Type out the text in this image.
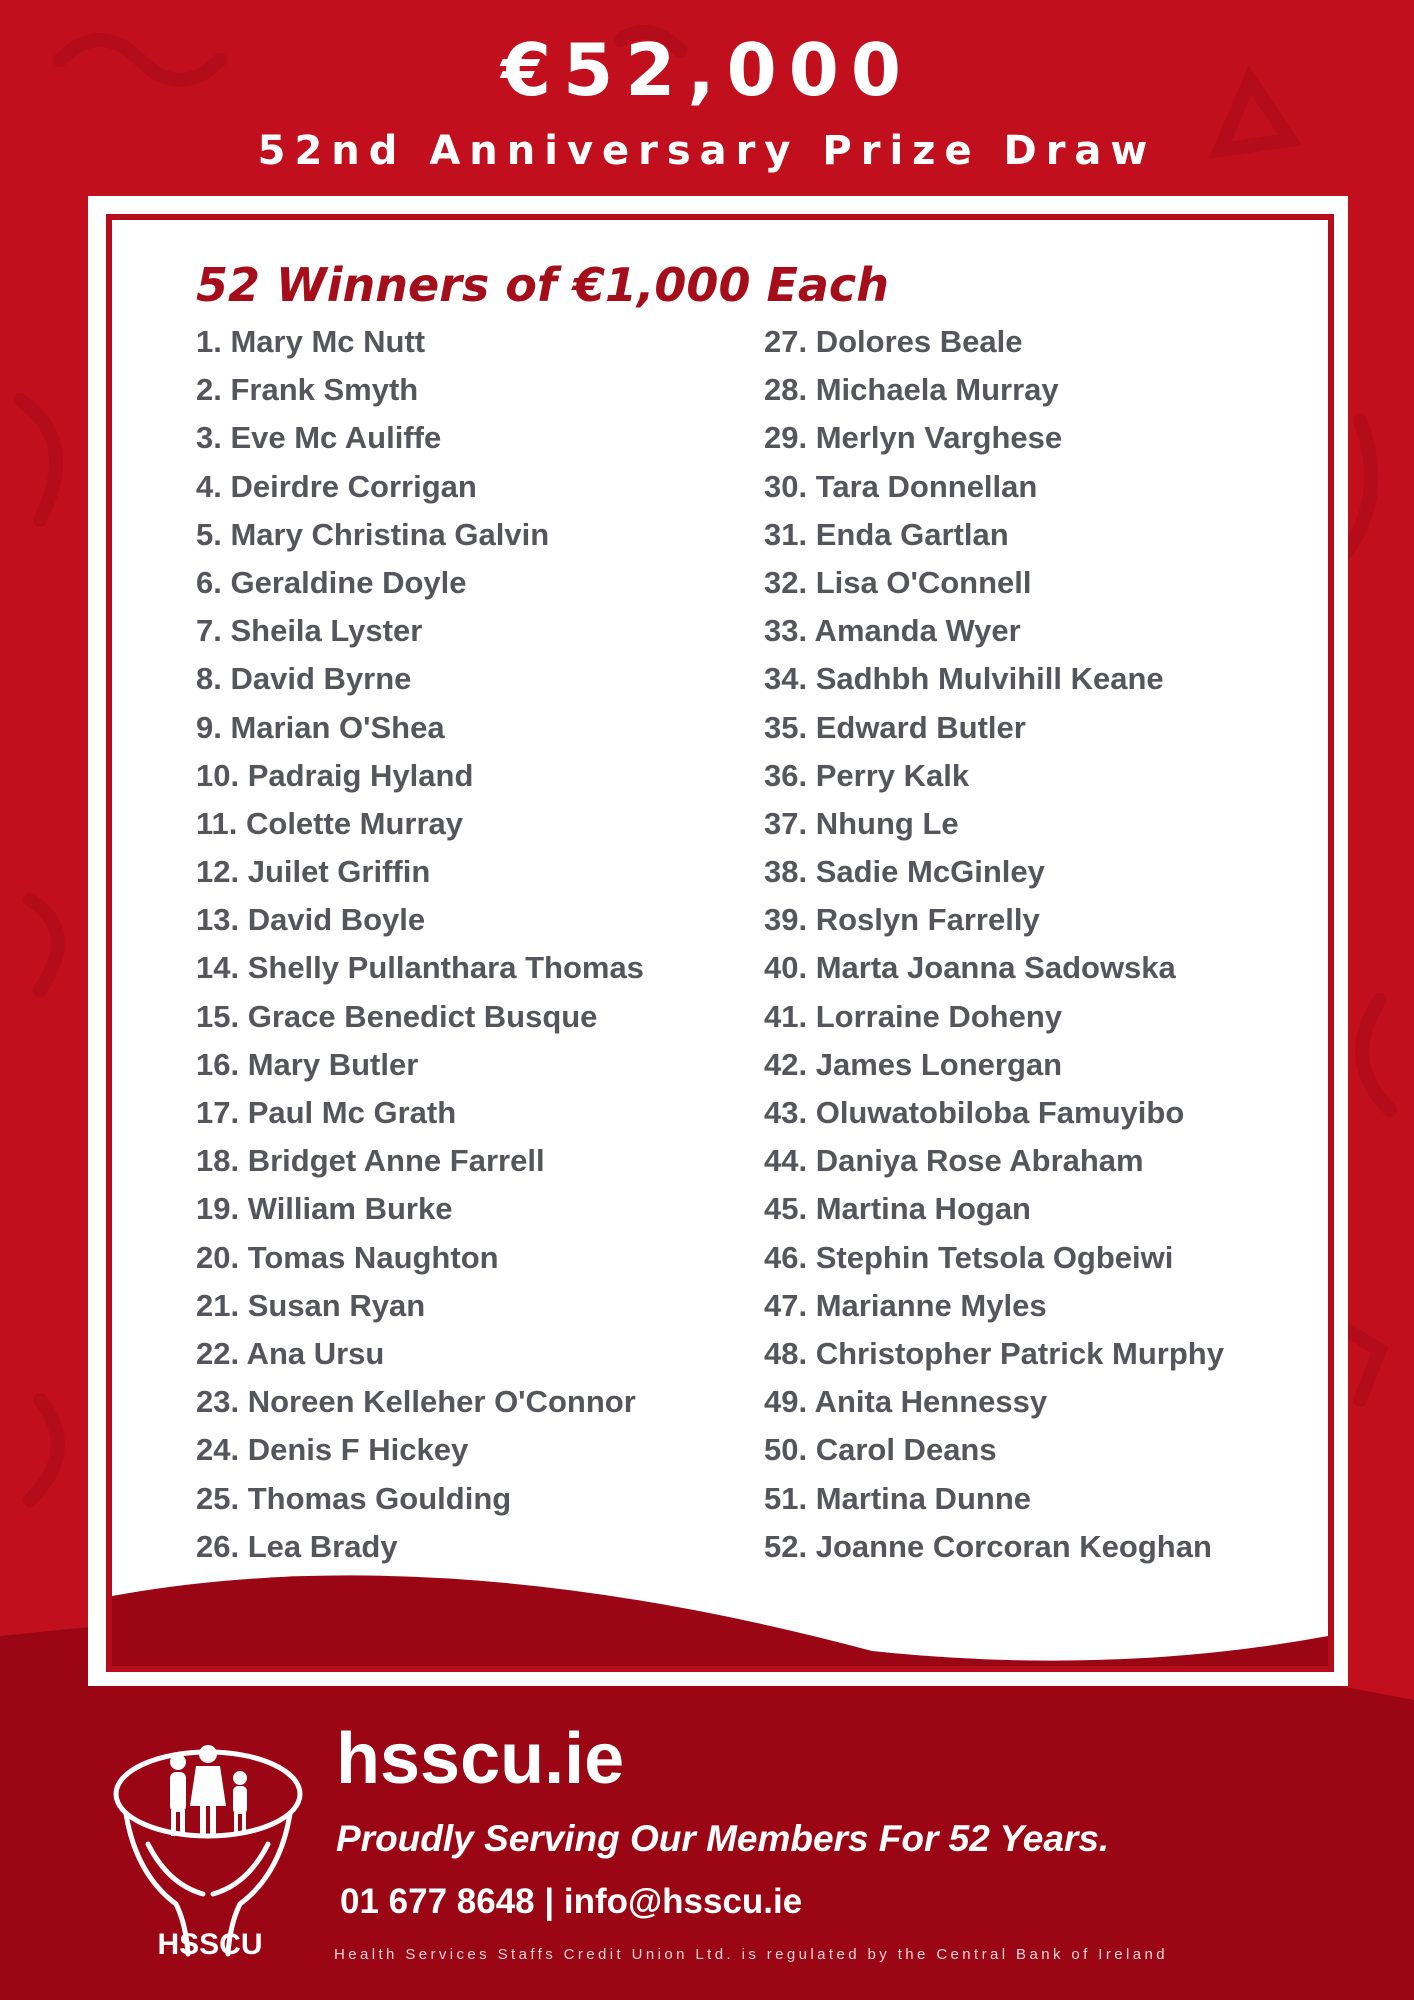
€52,000
52nd Anniversary Prize Draw
52 Winners of €1,000 Each
1. Mary Mc Nutt
2. Frank Smyth
3. Eve Mc Auliffe
4. Deirdre Corrigan
5. Mary Christina Galvin
6. Geraldine Doyle
7. Sheila Lyster
8. David Byrne
9. Marian O'Shea
10. Padraig Hyland
11. Colette Murray
12. Juilet Griffin
13. David Boyle
14. Shelly Pullanthara Thomas
15. Grace Benedict Busque
16. Mary Butler
17. Paul Mc Grath
18. Bridget Anne Farrell
19. William Burke
20. Tomas Naughton
21. Susan Ryan
22. Ana Ursu
23. Noreen Kelleher O'Connor
24. Denis F Hickey
25. Thomas Goulding
26. Lea Brady
27. Dolores Beale
28. Michaela Murray
29. Merlyn Varghese
30. Tara Donnellan
31. Enda Gartlan
32. Lisa O'Connell
33. Amanda Wyer
34. Sadhbh Mulvihill Keane
35. Edward Butler
36. Perry Kalk
37. Nhung Le
38. Sadie McGinley
39. Roslyn Farrelly
40. Marta Joanna Sadowska
41. Lorraine Doheny
42. James Lonergan
43. Oluwatobiloba Famuyibo
44. Daniya Rose Abraham
45. Martina Hogan
46. Stephin Tetsola Ogbeiwi
47. Marianne Myles
48. Christopher Patrick Murphy
49. Anita Hennessy
50. Carol Deans
51. Martina Dunne
52. Joanne Corcoran Keoghan
HSSCU
hsscu.ie
Proudly Serving Our Members For 52 Years.
01 677 8648 | info@hsscu.ie
Health Services Staffs Credit Union Ltd. is regulated by the Central Bank of Ireland
